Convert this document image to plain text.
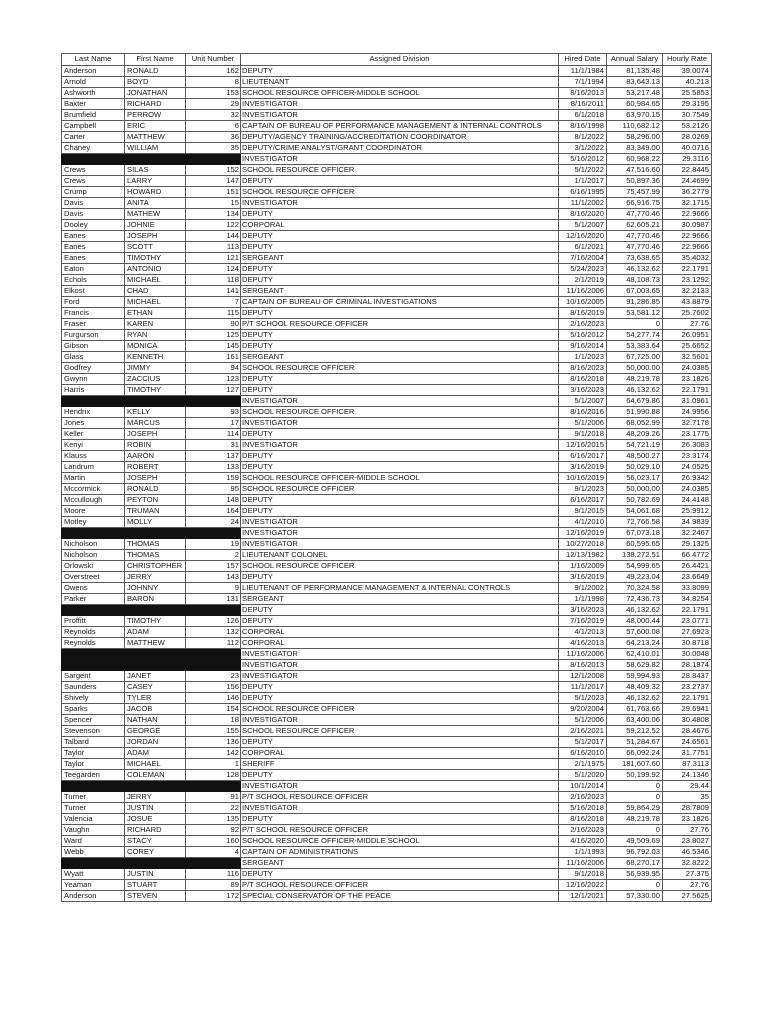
Last Name	First Name	Unit Number	Assigned Division	Hired Date	Annual Salary	Hourly Rate
Anderson	RONALD	162	DEPUTY	11/1/1984	81,135.48	39.0074
Arnold	BOYD	8	LIEUTENANT	7/1/1994	83,643.13	40.213
Ashworth	JONATHAN	153	SCHOOL RESOURCE OFFICER-MIDDLE SCHOOL	8/16/2013	53,217.48	25.5853
Baxter	RICHARD	29	INVESTIGATOR	8/16/2011	60,984.65	29.3195
Brumfield	PERROW	32	INVESTIGATOR	6/1/2018	63,970.15	30.7549
Campbell	ERIC	6	CAPTAIN OF BUREAU OF PERFORMANCE MANAGEMENT & INTERNAL CONTROLS	8/16/1998	110,682.12	53.2126
Carter	MATTHEW	36	DEPUTY/AGENCY TRAINING/ACCREDITATION COORDINATOR	8/1/2022	58,296.00	28.0269
Chaney	WILLIAM	35	DEPUTY/CRIME ANALYST/GRANT COORDINATOR	3/1/2022	83,349.00	40.0716
			INVESTIGATOR	5/16/2012	60,968.22	29.3116
Crews	SILAS	152	SCHOOL RESOURCE OFFICER	5/1/2022	47,516.60	22.8445
Crews	LARRY	147	DEPUTY	1/1/2017	50,897.36	24.4699
Crump	HOWARD	151	SCHOOL RESOURCE OFFICER	6/16/1995	75,457.99	36.2779
Davis	ANITA	15	INVESTIGATOR	11/1/2002	66,916.75	32.1715
Davis	MATHEW	134	DEPUTY	8/16/2020	47,770.46	22.9666
Dooley	JOHNIE	122	CORPORAL	5/1/2007	62,605.21	30.0987
Eanes	JOSEPH	144	DEPUTY	12/16/2020	47,770.46	22.9666
Eanes	SCOTT	113	DEPUTY	6/1/2021	47,770.46	22.9666
Eanes	TIMOTHY	121	SERGEANT	7/16/2004	73,638.65	35.4032
Eaton	ANTONIO	124	DEPUTY	5/24/2023	46,132.62	22.1791
Echols	MICHAEL	118	DEPUTY	2/1/2019	48,108.73	23.1292
Elkost	CHAD	141	SERGEANT	11/16/2006	67,003.65	32.2133
Ford	MICHAEL	7	CAPTAIN OF BUREAU OF CRIMINAL INVESTIGATIONS	10/16/2005	91,286.85	43.8879
Francis	ETHAN	115	DEPUTY	8/16/2019	53,581.12	25.7602
Fraser	KAREN	90	P/T SCHOOL RESOURCE OFFICER	2/16/2023	0	27.76
Furgurson	RYAN	125	DEPUTY	5/16/2012	54,277.74	26.0951
Gibson	MONICA	145	DEPUTY	9/16/2014	53,383.64	25.6652
Glass	KENNETH	161	SERGEANT	1/1/2023	67,725.00	32.5601
Godfrey	JIMMY	94	SCHOOL RESOURCE OFFICER	8/16/2023	50,000.00	24.0385
Gwynn	ZACCIUS	123	DEPUTY	8/16/2018	48,219.78	23.1826
Harris	TIMOTHY	127	DEPUTY	3/16/2023	46,132.62	22.1791
			INVESTIGATOR	5/1/2007	64,679.86	31.0961
Hendrix	KELLY	93	SCHOOL RESOURCE OFFICER	8/16/2016	51,990.88	24.9956
Jones	MARCUS	17	INVESTIGATOR	5/1/2006	68,052.99	32.7178
Keller	JOSEPH	114	DEPUTY	9/1/2018	48,209.26	23.1775
Kenyi	ROBIN	31	INVESTIGATOR	12/16/2015	54,721.19	26.3083
Klauss	AARON	137	DEPUTY	6/16/2017	48,500.27	23.3174
Landrum	ROBERT	133	DEPUTY	3/16/2019	50,029.10	24.0525
Martin	JOSEPH	159	SCHOOL RESOURCE OFFICER-MIDDLE SCHOOL	10/16/2019	56,023.17	26.9342
Mccormick	RONALD	95	SCHOOL RESOURCE OFFICER	9/1/2023	50,000.00	24.0385
Mccullough	PEYTON	148	DEPUTY	6/16/2017	50,782.69	24.4148
Moore	TRUMAN	164	DEPUTY	9/1/2015	54,061.68	25.9912
Motley	MOLLY	24	INVESTIGATOR	4/1/2010	72,766.58	34.9839
			INVESTIGATOR	12/16/2019	67,073.18	32.2467
Nicholson	THOMAS	19	INVESTIGATOR	10/27/2018	60,595.65	29.1325
Nicholson	THOMAS	2	LIEUTENANT COLONEL	12/13/1982	138,272.51	66.4772
Orlowski	CHRISTOPHER	157	SCHOOL RESOURCE OFFICER	1/16/2009	54,999.65	26.4421
Overstreet	JERRY	143	DEPUTY	3/16/2019	49,223.04	23.6649
Owens	JOHNNY	9	LIEUTENANT OF PERFORMANCE MANAGEMENT & INTERNAL CONTROLS	9/1/2002	70,324.58	33.8099
Parker	BARON	131	SERGEANT	1/1/1998	72,436.73	34.8254
			DEPUTY	3/16/2023	46,132.62	22.1791
Proffitt	TIMOTHY	126	DEPUTY	7/16/2019	48,000.44	23.0771
Reynolds	ADAM	132	CORPORAL	4/1/2013	57,600.08	27.6923
Reynolds	MATTHEW	112	CORPORAL	4/16/2013	64,213.24	30.8718
			INVESTIGATOR	11/16/2006	62,410.01	30.0048
			INVESTIGATOR	8/16/2013	58,629.82	28.1874
Sargent	JANET	23	INVESTIGATOR	12/1/2008	59,994.93	28.8437
Saunders	CASEY	156	DEPUTY	11/1/2017	48,409.32	23.2737
Shively	TYLER	146	DEPUTY	5/1/2023	46,132.62	22.1791
Sparks	JACOB	154	SCHOOL RESOURCE OFFICER	9/20/2004	61,763.66	29.6941
Spencer	NATHAN	18	INVESTIGATOR	5/1/2006	63,400.06	30.4808
Stevenson	GEORGE	155	SCHOOL RESOURCE OFFICER	2/16/2021	59,212.52	28.4676
Talbard	JORDAN	136	DEPUTY	5/1/2017	51,284.67	24.6561
Taylor	ADAM	142	CORPORAL	6/16/2010	66,092.24	31.7751
Taylor	MICHAEL	1	SHERIFF	2/1/1975	181,607.60	87.3113
Teegarden	COLEMAN	128	DEPUTY	5/1/2020	50,199.92	24.1346
			INVESTIGATOR	10/1/2014	0	29.44
Turner	JERRY	91	P/T SCHOOL RESOURCE OFFICER	2/16/2023	0	35
Turner	JUSTIN	22	INVESTIGATOR	5/16/2018	59,864.29	28.7809
Valencia	JOSUE	135	DEPUTY	8/16/2018	48,219.78	23.1826
Vaughn	RICHARD	92	P/T SCHOOL RESOURCE OFFICER	2/16/2023	0	27.76
Ward	STACY	160	SCHOOL RESOURCE OFFICER-MIDDLE SCHOOL	4/16/2020	49,509.69	23.8027
Webb	COREY	4	CAPTAIN OF ADMINISTRATIONS	1/1/1993	96,792.03	46.5346
			SERGEANT	11/16/2006	68,270.17	32.8222
Wyatt	JUSTIN	116	DEPUTY	9/1/2018	56,939.95	27.375
Yeaman	STUART	89	P/T SCHOOL RESOURCE OFFICER	12/16/2022	0	27.76
Anderson	STEVEN	172	SPECIAL CONSERVATOR OF THE PEACE	12/1/2021	57,330.00	27.5625
